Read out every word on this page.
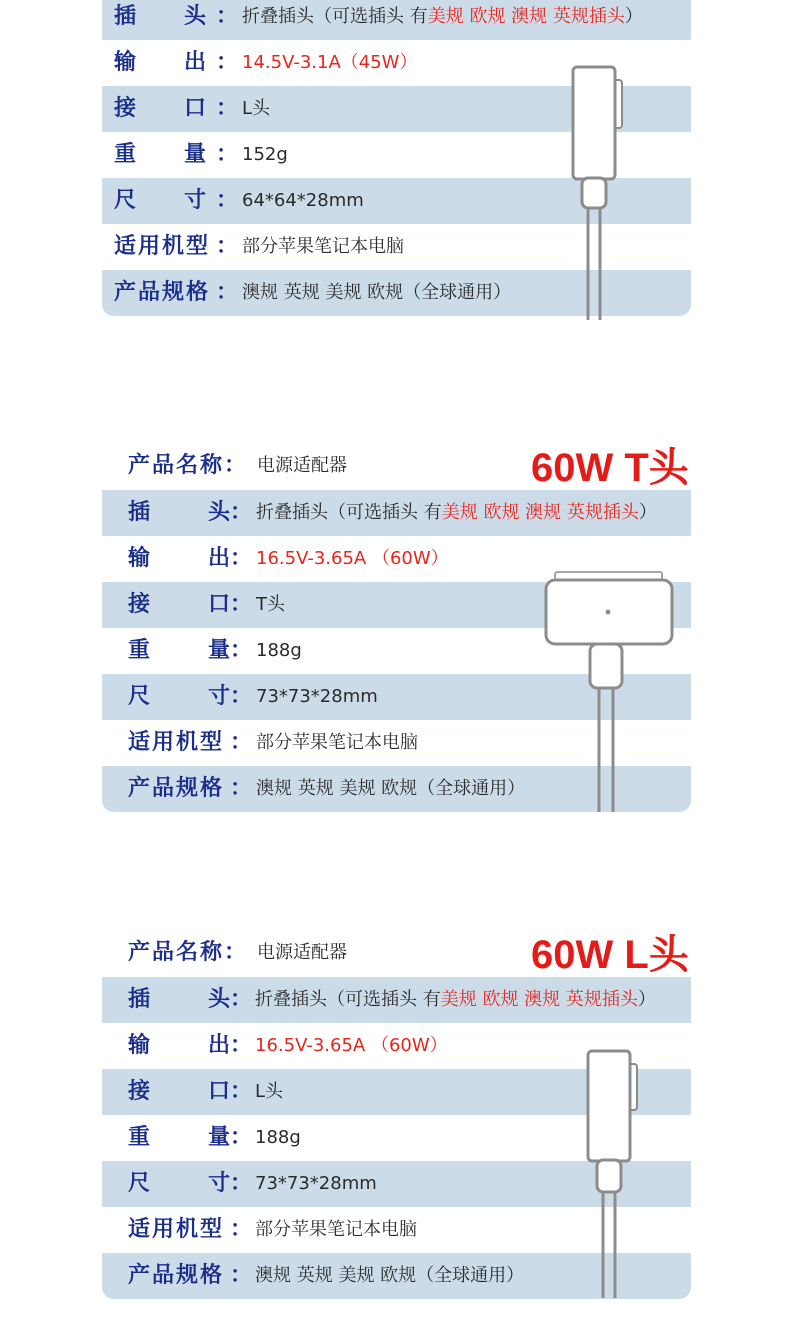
插 头 ： 折叠插头（可选插头 有美规 欧规 澳规 英规插头）
输 出 ： 14.5V-3.1A（45W）
接 口 ： L头
重 量 ： 152g
尺 寸 ： 64*64*28mm
适用机型 ： 部分苹果笔记本电脑
产品规格 ： 澳规 英规 美规 欧规（全球通用）
产品名称： 电源适配器	60W T头
插	头 ： 折叠插头（可选插头 有美规 欧规 澳规 英规插头）
输	出 ： 16.5V-3.65A （60W）
接	口 ： T头
重	量 ： 188g
尺	寸 ： 73*73*28mm
适用机型 ： 部分苹果笔记本电脑
产品规格 ： 澳规 英规 美规 欧规（全球通用）
产品名称： 电源适配器	60W L头
插	头 ： 折叠插头（可选插头 有美规 欧规 澳规 英规插头）
输	出 ： 16.5V-3.65A （60W）
接	口 ： L头
重	量 ： 188g
尺	寸 ： 73*73*28mm
适用机型 ： 部分苹果笔记本电脑
产品规格 ： 澳规 英规 美规 欧规（全球通用）
